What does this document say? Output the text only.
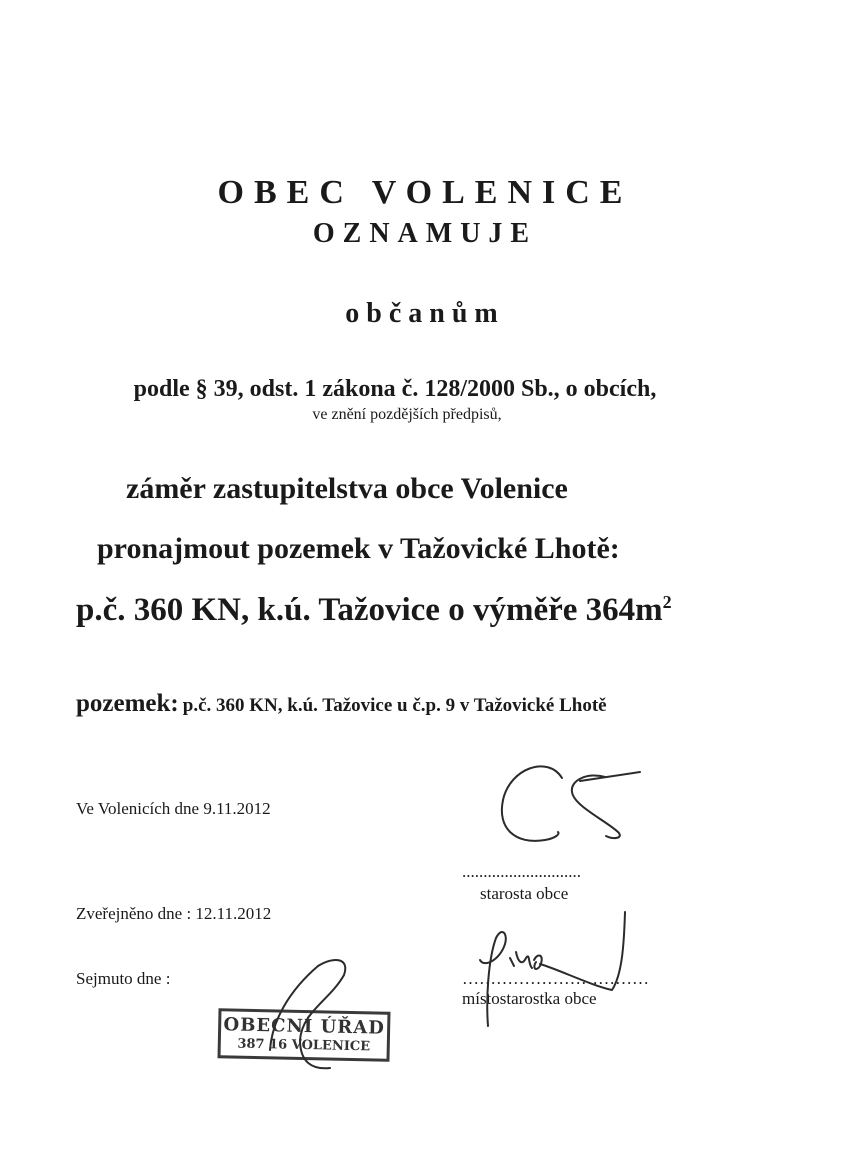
OBEC VOLENICE
OZNAMUJE
občanům
podle § 39, odst. 1 zákona č. 128/2000 Sb., o obcích,
ve znění pozdějších předpisů,
záměr zastupitelstva obce Volenice
pronajmout pozemek v Tažovické Lhotě:
p.č. 360 KN, k.ú. Tažovice o výměře $364m^2$
pozemek: p.č. 360 KN, k.ú. Tažovice u č.p. 9 v Tažovické Lhotě
Ve Volenicích dne 9.11.2012
............................
starosta obce
Zveřejněno dne : 12.11.2012
Sejmuto dne :	……………………………
místostarostka obce
OBECNÍ ÚŘAD
387 16 VOLENICE
